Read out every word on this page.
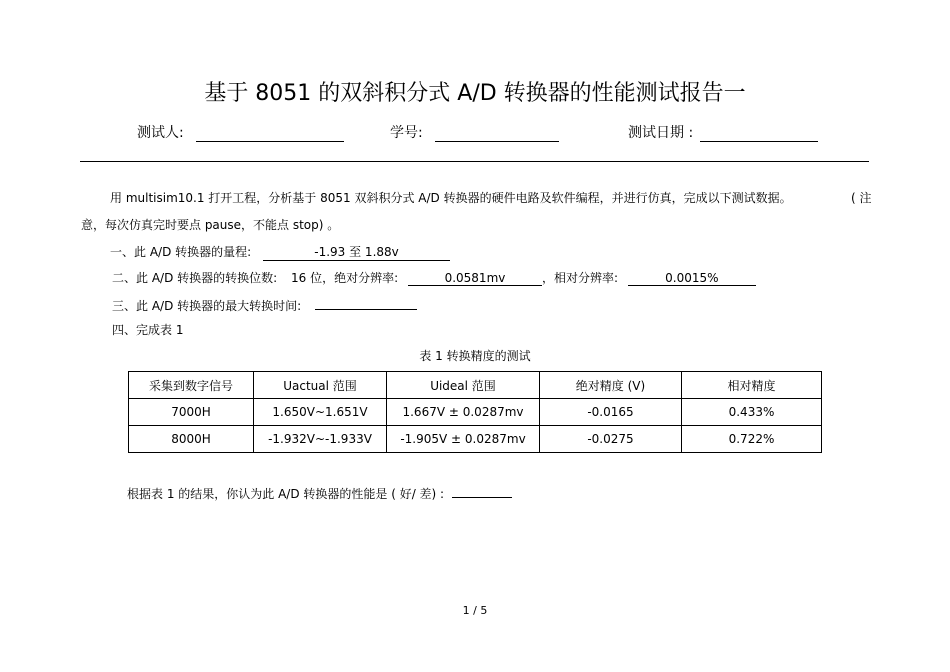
基于 8051 的双斜积分式 A/D 转换器的性能测试报告一
测试人:	学号:	测试日期 :
用 multisim10.1 打开工程，分析基于 8051 双斜积分式 A/D 转换器的硬件电路及软件编程，并进行仿真，完成以下测试数据。	( 注
意，每次仿真完时要点 pause，不能点 stop) 。
一、此 A/D 转换器的量程:	-1.93 至 1.88v
二、此 A/D 转换器的转换位数: 16 位，绝对分辨率:	0.0581mv	，相对分辨率:	0.0015%
三、此 A/D 转换器的最大转换时间:
四、完成表 1
表 1 转换精度的测试
采集到数字信号	Uactual 范围	Uideal 范围	绝对精度 (V)	相对精度
7000H	1.650V~1.651V	1.667V ± 0.0287mv	-0.0165	0.433%
8000H	-1.932V~-1.933V	-1.905V ± 0.0287mv	-0.0275	0.722%
根据表 1 的结果，你认为此 A/D 转换器的性能是 ( 好/ 差) :
1 / 5
